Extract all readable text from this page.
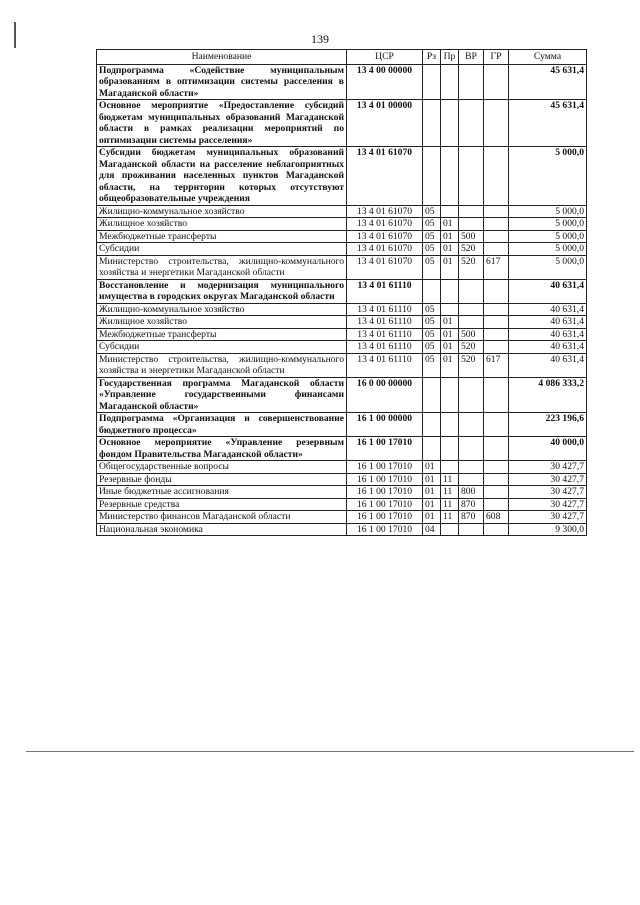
139
Наименование	ЦСР	Рз	Пр	ВР	ГР	Сумма
Подпрограмма «Содействие муниципальным образованиям в оптимизации системы расселения в Магаданской области»	13 4 00 00000					45 631,4
Основное мероприятие «Предоставление субсидий бюджетам муниципальных образований Магаданской области в рамках реализации мероприятий по оптимизации системы расселения»	13 4 01 00000					45 631,4
Субсидии бюджетам муниципальных образований Магаданской области на расселение неблагоприятных для проживания населенных пунктов Магаданской области, на территории которых отсутствуют общеобразовательные учреждения	13 4 01 61070					5 000,0
Жилищно-коммунальное хозяйство	13 4 01 61070	05				5 000,0
Жилищное хозяйство	13 4 01 61070	05	01			5 000,0
Межбюджетные трансферты	13 4 01 61070	05	01	500		5 000,0
Субсидии	13 4 01 61070	05	01	520		5 000,0
Министерство строительства, жилищно-коммунального хозяйства и энергетики Магаданской области	13 4 01 61070	05	01	520	617	5 000,0
Восстановление и модернизация муниципального имущества в городских округах Магаданской области	13 4 01 61110					40 631,4
Жилищно-коммунальное хозяйство	13 4 01 61110	05				40 631,4
Жилищное хозяйство	13 4 01 61110	05	01			40 631,4
Межбюджетные трансферты	13 4 01 61110	05	01	500		40 631,4
Субсидии	13 4 01 61110	05	01	520		40 631,4
Министерство строительства, жилищно-коммунального хозяйства и энергетики Магаданской области	13 4 01 61110	05	01	520	617	40 631,4
Государственная программа Магаданской области «Управление государственными финансами Магаданской области»	16 0 00 00000					4 086 333,2
Подпрограмма «Организация и совершенствование бюджетного процесса»	16 1 00 00000					223 196,6
Основное мероприятие «Управление резервным фондом Правительства Магаданской области»	16 1 00 17010					40 000,0
Общегосударственные вопросы	16 1 00 17010	01				30 427,7
Резервные фонды	16 1 00 17010	01	11			30 427,7
Иные бюджетные ассигнования	16 1 00 17010	01	11	800		30 427,7
Резервные средства	16 1 00 17010	01	11	870		30 427,7
Министерство финансов Магаданской области	16 1 00 17010	01	11	870	608	30 427,7
Национальная экономика	16 1 00 17010	04				9 300,0
